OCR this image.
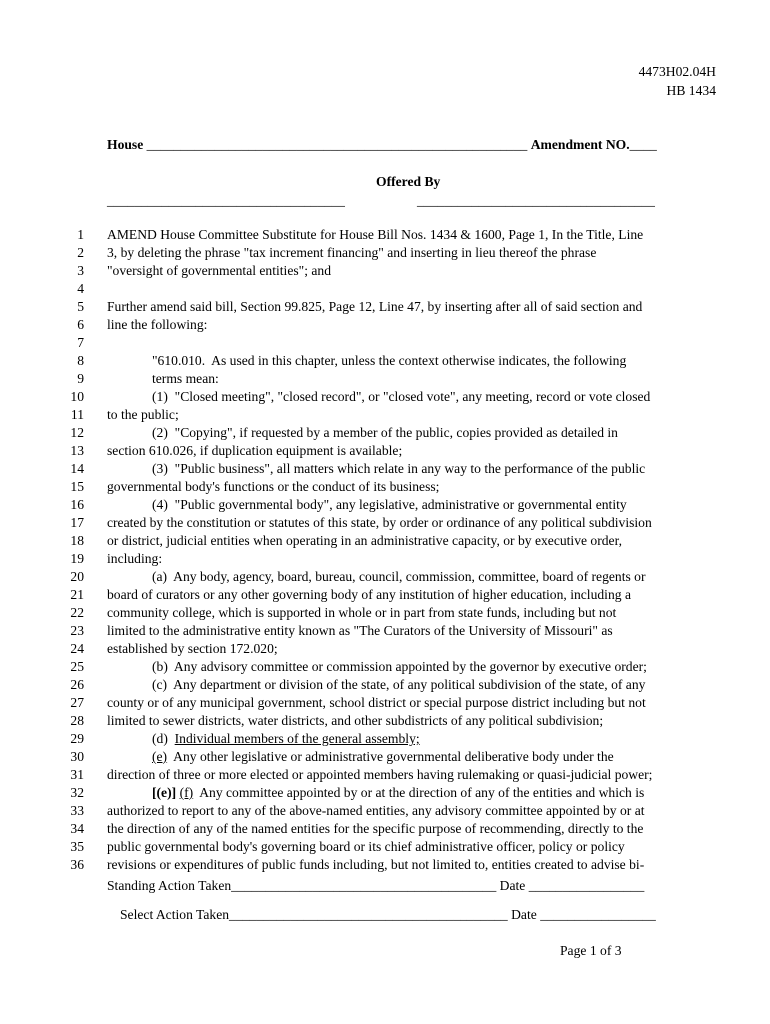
4473H02.04H
HB 1434
House ________________________________________________________ Amendment NO.____
Offered By
___________________________________	___________________________________
1
2
3
4
5
6
7
8
9
10
11
12
13
14
15
16
17
18
19
20
21
22
23
24
25
26
27
28
29
30
31
32
33
34
35
36
AMEND House Committee Substitute for House Bill Nos. 1434 & 1600, Page 1, In the Title, Line
3, by deleting the phrase "tax increment financing" and inserting in lieu thereof the phrase
"oversight of governmental entities"; and
Further amend said bill, Section 99.825, Page 12, Line 47, by inserting after all of said section and
line the following:
"610.010.  As used in this chapter, unless the context otherwise indicates, the following
terms mean:
(1)  "Closed meeting", "closed record", or "closed vote", any meeting, record or vote closed
to the public;
(2)  "Copying", if requested by a member of the public, copies provided as detailed in
section 610.026, if duplication equipment is available;
(3)  "Public business", all matters which relate in any way to the performance of the public
governmental body's functions or the conduct of its business;
(4)  "Public governmental body", any legislative, administrative or governmental entity
created by the constitution or statutes of this state, by order or ordinance of any political subdivision
or district, judicial entities when operating in an administrative capacity, or by executive order,
including:
(a)  Any body, agency, board, bureau, council, commission, committee, board of regents or
board of curators or any other governing body of any institution of higher education, including a
community college, which is supported in whole or in part from state funds, including but not
limited to the administrative entity known as "The Curators of the University of Missouri" as
established by section 172.020;
(b)  Any advisory committee or commission appointed by the governor by executive order;
(c)  Any department or division of the state, of any political subdivision of the state, of any
county or of any municipal government, school district or special purpose district including but not
limited to sewer districts, water districts, and other subdistricts of any political subdivision;
(d)  Individual members of the general assembly;
(e)  Any other legislative or administrative governmental deliberative body under the
direction of three or more elected or appointed members having rulemaking or quasi-judicial power;
[(e)] (f)  Any committee appointed by or at the direction of any of the entities and which is
authorized to report to any of the above-named entities, any advisory committee appointed by or at
the direction of any of the named entities for the specific purpose of recommending, directly to the
public governmental body's governing board or its chief administrative officer, policy or policy
revisions or expenditures of public funds including, but not limited to, entities created to advise bi-
Standing Action Taken_______________________________________ Date _________________
Select Action Taken_________________________________________ Date _________________
Page 1 of 3
